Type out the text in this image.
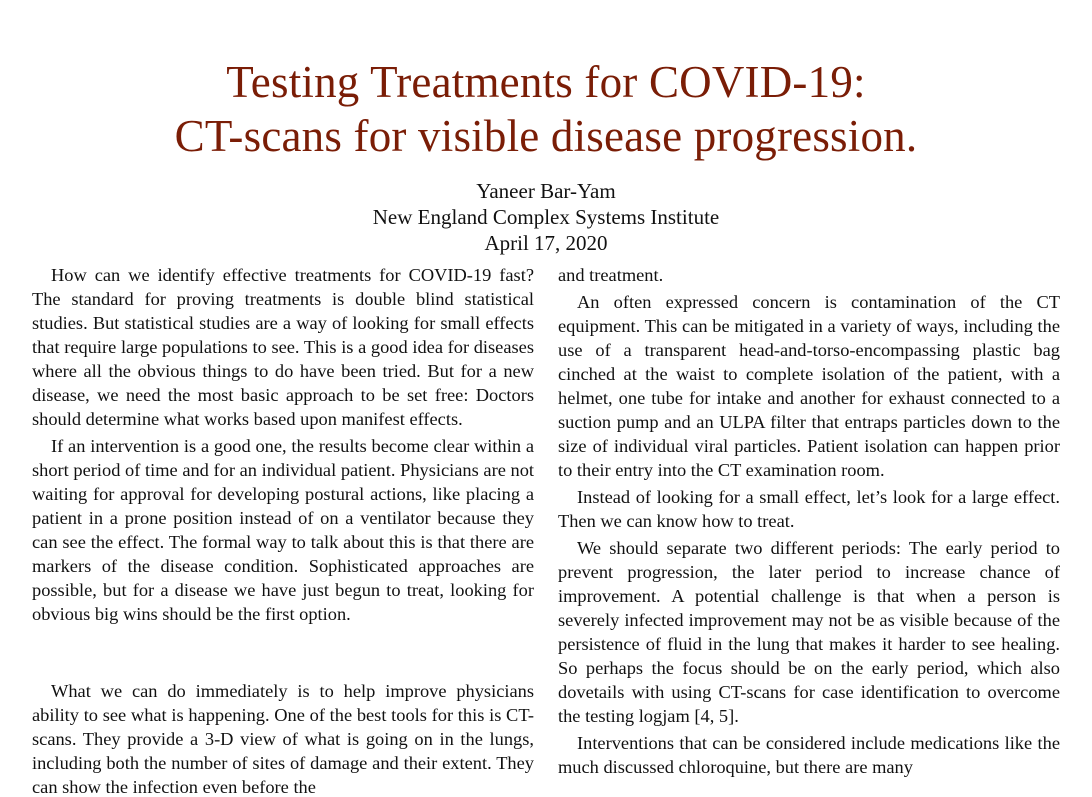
Testing Treatments for COVID-19:
CT-scans for visible disease progression.
Yaneer Bar-Yam
New England Complex Systems Institute
April 17, 2020

How can we identify effective treatments for COVID-19 fast? The standard for proving treatments is double blind statistical studies. But statistical studies are a way of looking for small effects that require large populations to see. This is a good idea for diseases where all the obvious things to do have been tried. But for a new disease, we need the most basic approach to be set free: Doctors should determine what works based upon manifest effects.

If an intervention is a good one, the results become clear within a short period of time and for an individual patient. Physicians are not waiting for approval for developing postural actions, like placing a patient in a prone position instead of on a ventilator because they can see the effect. The formal way to talk about this is that there are markers of the disease condition. Sophisticated approaches are possible, but for a disease we have just begun to treat, looking for obvious big wins should be the first option.

What we can do immediately is to help improve physicians ability to see what is happening. One of the best tools for this is CT-scans. They provide a 3-D view of what is going on in the lungs, including both the number of sites of damage and their extent. They can show the infection even before the

and treatment.

An often expressed concern is contamination of the CT equipment. This can be mitigated in a variety of ways, including the use of a transparent head-and-torso-encompassing plastic bag cinched at the waist to complete isolation of the patient, with a helmet, one tube for intake and another for exhaust connected to a suction pump and an ULPA filter that entraps particles down to the size of individual viral particles. Patient isolation can happen prior to their entry into the CT examination room.

Instead of looking for a small effect, let’s look for a large effect. Then we can know how to treat.

We should separate two different periods: The early period to prevent progression, the later period to increase chance of improvement. A potential challenge is that when a person is severely infected improvement may not be as visible because of the persistence of fluid in the lung that makes it harder to see healing. So perhaps the focus should be on the early period, which also dovetails with using CT-scans for case identification to overcome the testing logjam [4, 5].

Interventions that can be considered include medications like the much discussed chloroquine, but there are many
